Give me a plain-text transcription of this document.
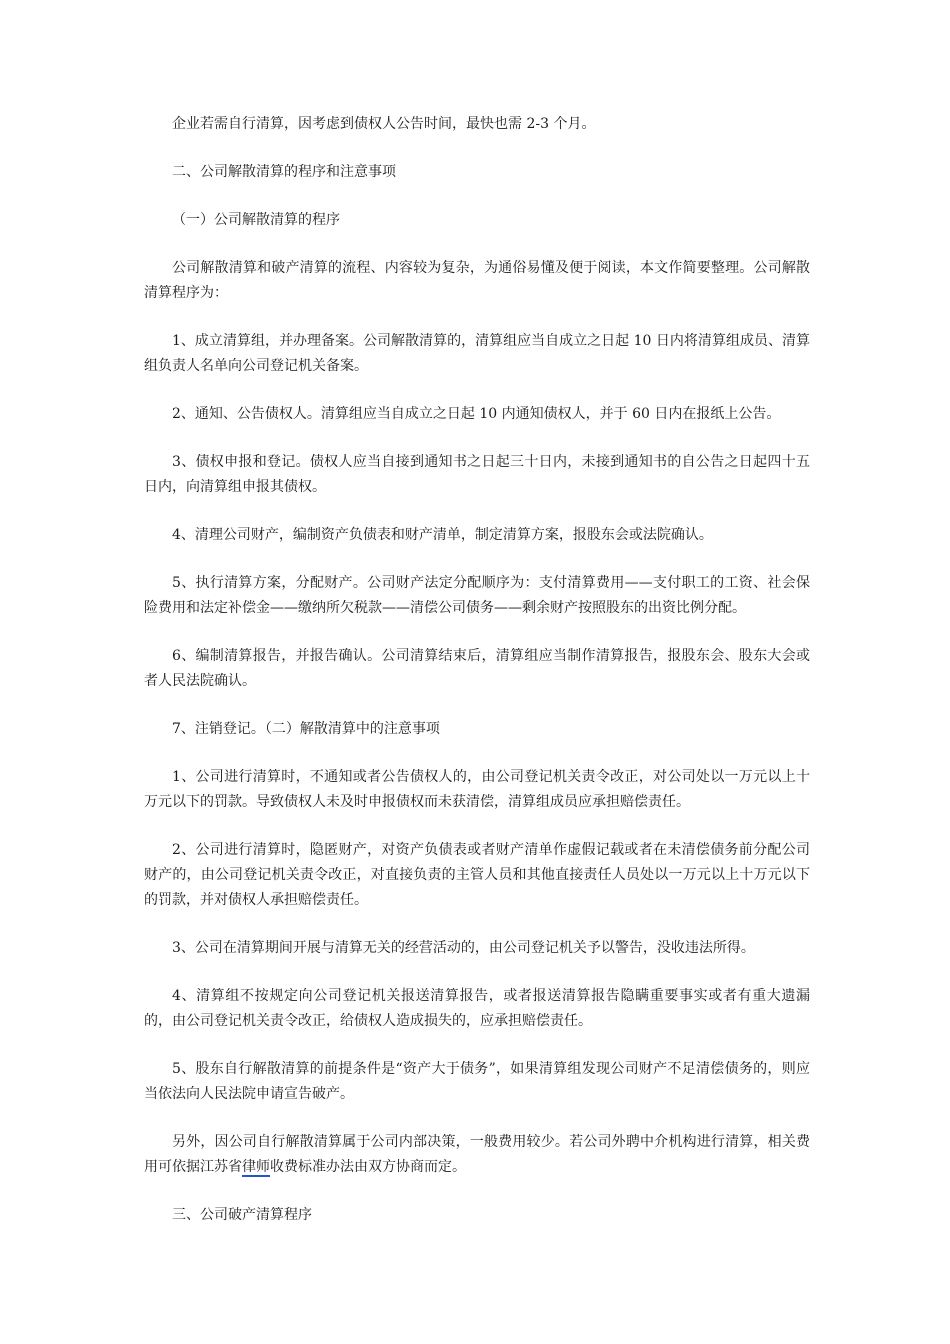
企业若需自行清算，因考虑到债权人公告时间，最快也需 2-3 个月。

二、公司解散清算的程序和注意事项

（一）公司解散清算的程序

公司解散清算和破产清算的流程、内容较为复杂，为通俗易懂及便于阅读，本文作简要整理。公司解散清算程序为：

1、成立清算组，并办理备案。公司解散清算的，清算组应当自成立之日起 10 日内将清算组成员、清算组负责人名单向公司登记机关备案。

2、通知、公告债权人。清算组应当自成立之日起 10 内通知债权人，并于 60 日内在报纸上公告。

3、债权申报和登记。债权人应当自接到通知书之日起三十日内，未接到通知书的自公告之日起四十五日内，向清算组申报其债权。

4、清理公司财产，编制资产负债表和财产清单，制定清算方案，报股东会或法院确认。

5、执行清算方案，分配财产。公司财产法定分配顺序为：支付清算费用——支付职工的工资、社会保险费用和法定补偿金——缴纳所欠税款——清偿公司债务——剩余财产按照股东的出资比例分配。

6、编制清算报告，并报告确认。公司清算结束后，清算组应当制作清算报告，报股东会、股东大会或者人民法院确认。

7、注销登记。（二）解散清算中的注意事项

1、公司进行清算时，不通知或者公告债权人的，由公司登记机关责令改正，对公司处以一万元以上十万元以下的罚款。导致债权人未及时申报债权而未获清偿，清算组成员应承担赔偿责任。

2、公司进行清算时，隐匿财产，对资产负债表或者财产清单作虚假记载或者在未清偿债务前分配公司财产的，由公司登记机关责令改正，对直接负责的主管人员和其他直接责任人员处以一万元以上十万元以下的罚款，并对债权人承担赔偿责任。

3、公司在清算期间开展与清算无关的经营活动的，由公司登记机关予以警告，没收违法所得。

4、清算组不按规定向公司登记机关报送清算报告，或者报送清算报告隐瞒重要事实或者有重大遗漏的，由公司登记机关责令改正，给债权人造成损失的，应承担赔偿责任。

5、股东自行解散清算的前提条件是“资产大于债务”，如果清算组发现公司财产不足清偿债务的，则应当依法向人民法院申请宣告破产。

另外，因公司自行解散清算属于公司内部决策，一般费用较少。若公司外聘中介机构进行清算，相关费用可依据江苏省律师收费标准办法由双方协商而定。

三、公司破产清算程序
